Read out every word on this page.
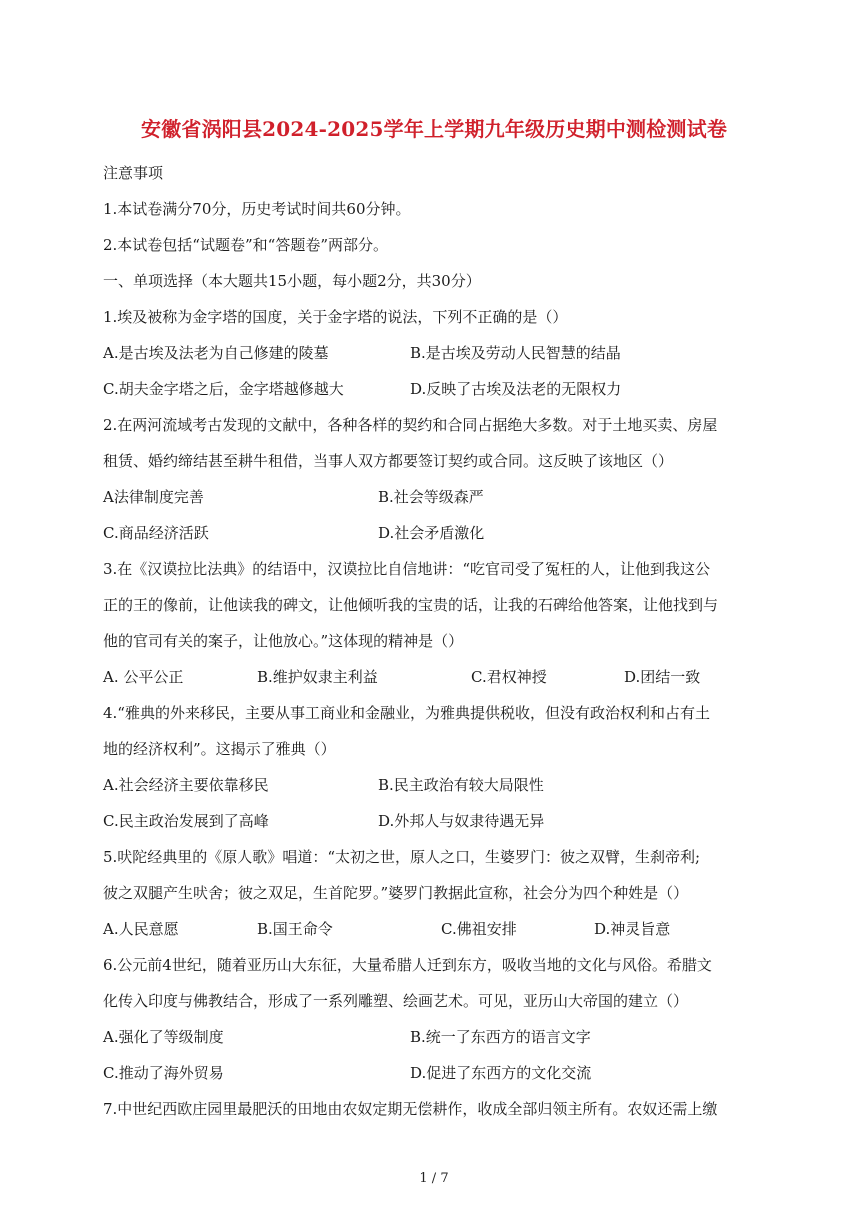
安徽省涡阳县2024-2025学年上学期九年级历史期中测检测试卷
注意事项
1.本试卷满分70分，历史考试时间共60分钟。
2.本试卷包括“试题卷”和“答题卷”两部分。
一、单项选择（本大题共15小题，每小题2分，共30分）
1.埃及被称为金字塔的国度，关于金字塔的说法，下列不正确的是（）
A.是古埃及法老为自己修建的陵墓	B.是古埃及劳动人民智慧的结晶
C.胡夫金字塔之后，金字塔越修越大	D.反映了古埃及法老的无限权力
2.在两河流域考古发现的文献中，各种各样的契约和合同占据绝大多数。对于土地买卖、房屋
租赁、婚约缔结甚至耕牛租借，当事人双方都要签订契约或合同。这反映了该地区（）
A法律制度完善	B.社会等级森严
C.商品经济活跃	D.社会矛盾激化
3.在《汉谟拉比法典》的结语中，汉谟拉比自信地讲：“吃官司受了冤枉的人，让他到我这公
正的王的像前，让他读我的碑文，让他倾听我的宝贵的话，让我的石碑给他答案，让他找到与
他的官司有关的案子，让他放心。”这体现的精神是（）
A. 公平公正	B.维护奴隶主利益	C.君权神授	D.团结一致
4.“雅典的外来移民，主要从事工商业和金融业，为雅典提供税收，但没有政治权利和占有土
地的经济权利”。这揭示了雅典（）
A.社会经济主要依靠移民	B.民主政治有较大局限性
C.民主政治发展到了高峰	D.外邦人与奴隶待遇无异
5.吠陀经典里的《原人歌》唱道：“太初之世，原人之口，生婆罗门：彼之双臂，生刹帝利;
彼之双腿产生吠舍；彼之双足，生首陀罗。”婆罗门教据此宣称，社会分为四个种姓是（）
A.人民意愿	B.国王命令	C.佛祖安排	D.神灵旨意
6.公元前4世纪，随着亚历山大东征，大量希腊人迁到东方，吸收当地的文化与风俗。希腊文
化传入印度与佛教结合，形成了一系列雕塑、绘画艺术。可见，亚历山大帝国的建立（）
A.强化了等级制度	B.统一了东西方的语言文字
C.推动了海外贸易	D.促进了东西方的文化交流
7.中世纪西欧庄园里最肥沃的田地由农奴定期无偿耕作，收成全部归领主所有。农奴还需上缴
1 / 7
